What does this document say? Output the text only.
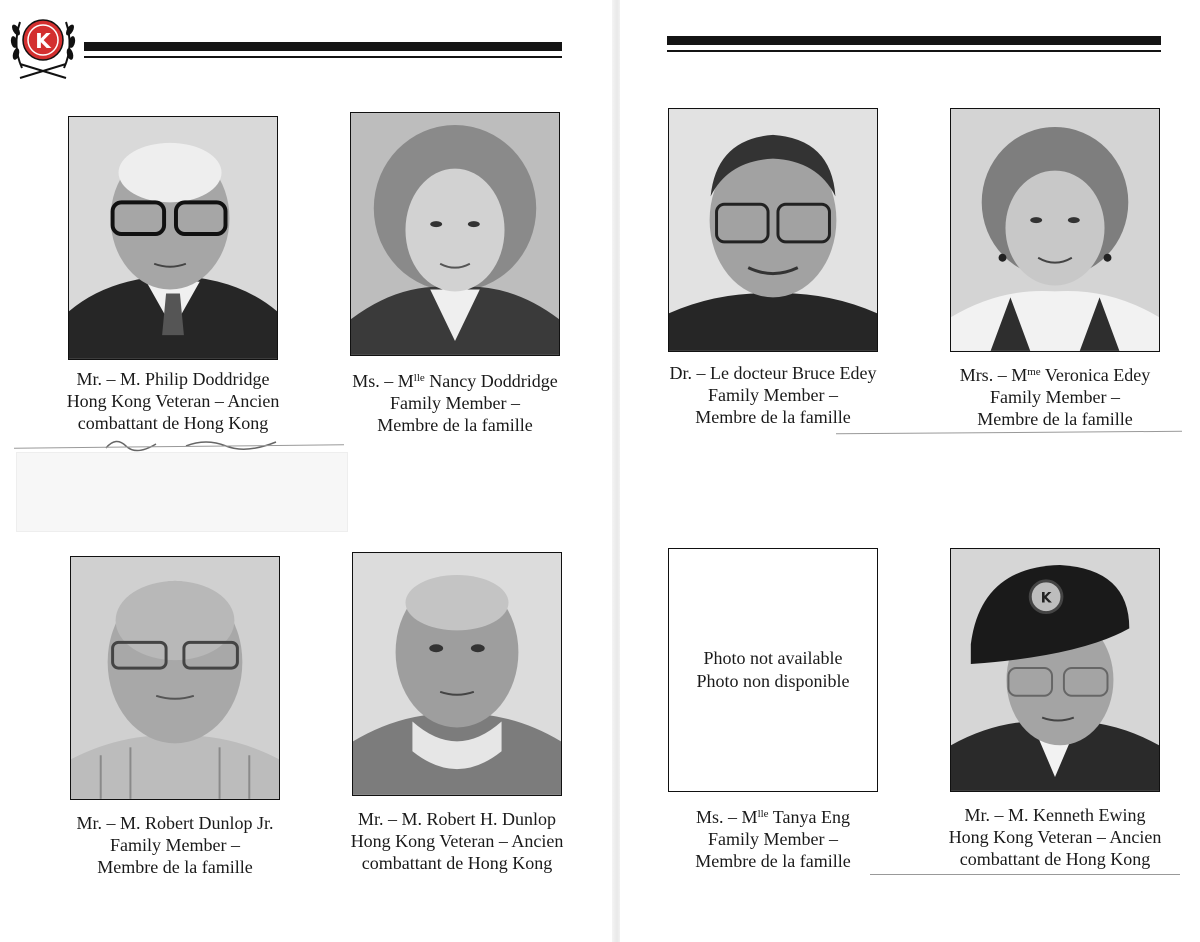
K
Mr. – M. Philip Doddridge
Hong Kong Veteran – Ancien
combattant de Hong Kong
Ms. – $M^{lle}$ Nancy Doddridge
Family Member –
Membre de la famille
Mr. – M. Robert Dunlop Jr.
Family Member –
Membre de la famille
Mr. – M. Robert H. Dunlop
Hong Kong Veteran – Ancien
combattant de Hong Kong
Dr. – Le docteur Bruce Edey
Family Member –
Membre de la famille
Mrs. – $M^{me}$ Veronica Edey
Family Member –
Membre de la famille
Photo not available
Photo non disponible
Ms. – $M^{lle}$ Tanya Eng
Family Member –
Membre de la famille
K
Mr. – M. Kenneth Ewing
Hong Kong Veteran – Ancien
combattant de Hong Kong
